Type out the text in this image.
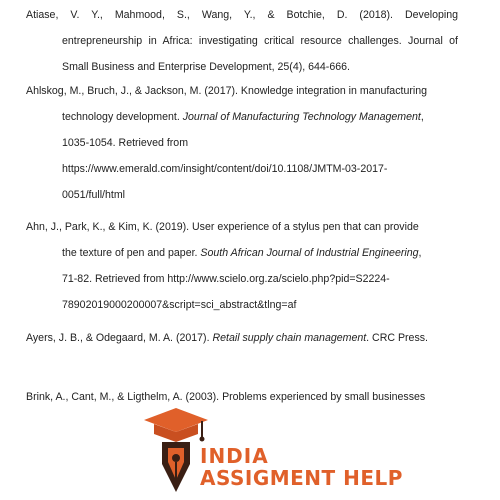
Atiase, V. Y., Mahmood, S., Wang, Y., & Botchie, D. (2018). Developing
entrepreneurship in Africa: investigating critical resource challenges. Journal of
Small Business and Enterprise Development, 25(4), 644-666.
Ahlskog, M., Bruch, J., & Jackson, M. (2017). Knowledge integration in manufacturing
technology development. Journal of Manufacturing Technology Management,
1035-1054. Retrieved from
https://www.emerald.com/insight/content/doi/10.1108/JMTM-03-2017-
0051/full/html
Ahn, J., Park, K., & Kim, K. (2019). User experience of a stylus pen that can provide
the texture of pen and paper. South African Journal of Industrial Engineering,
71-82. Retrieved from http://www.scielo.org.za/scielo.php?pid=S2224-
78902019000200007&script=sci_abstract&tlng=af
Ayers, J. B., & Odegaard, M. A. (2017). Retail supply chain management. CRC Press.
Brink, A., Cant, M., & Ligthelm, A. (2003). Problems experienced by small businesses
INDIA
ASSIGMENT HELP
